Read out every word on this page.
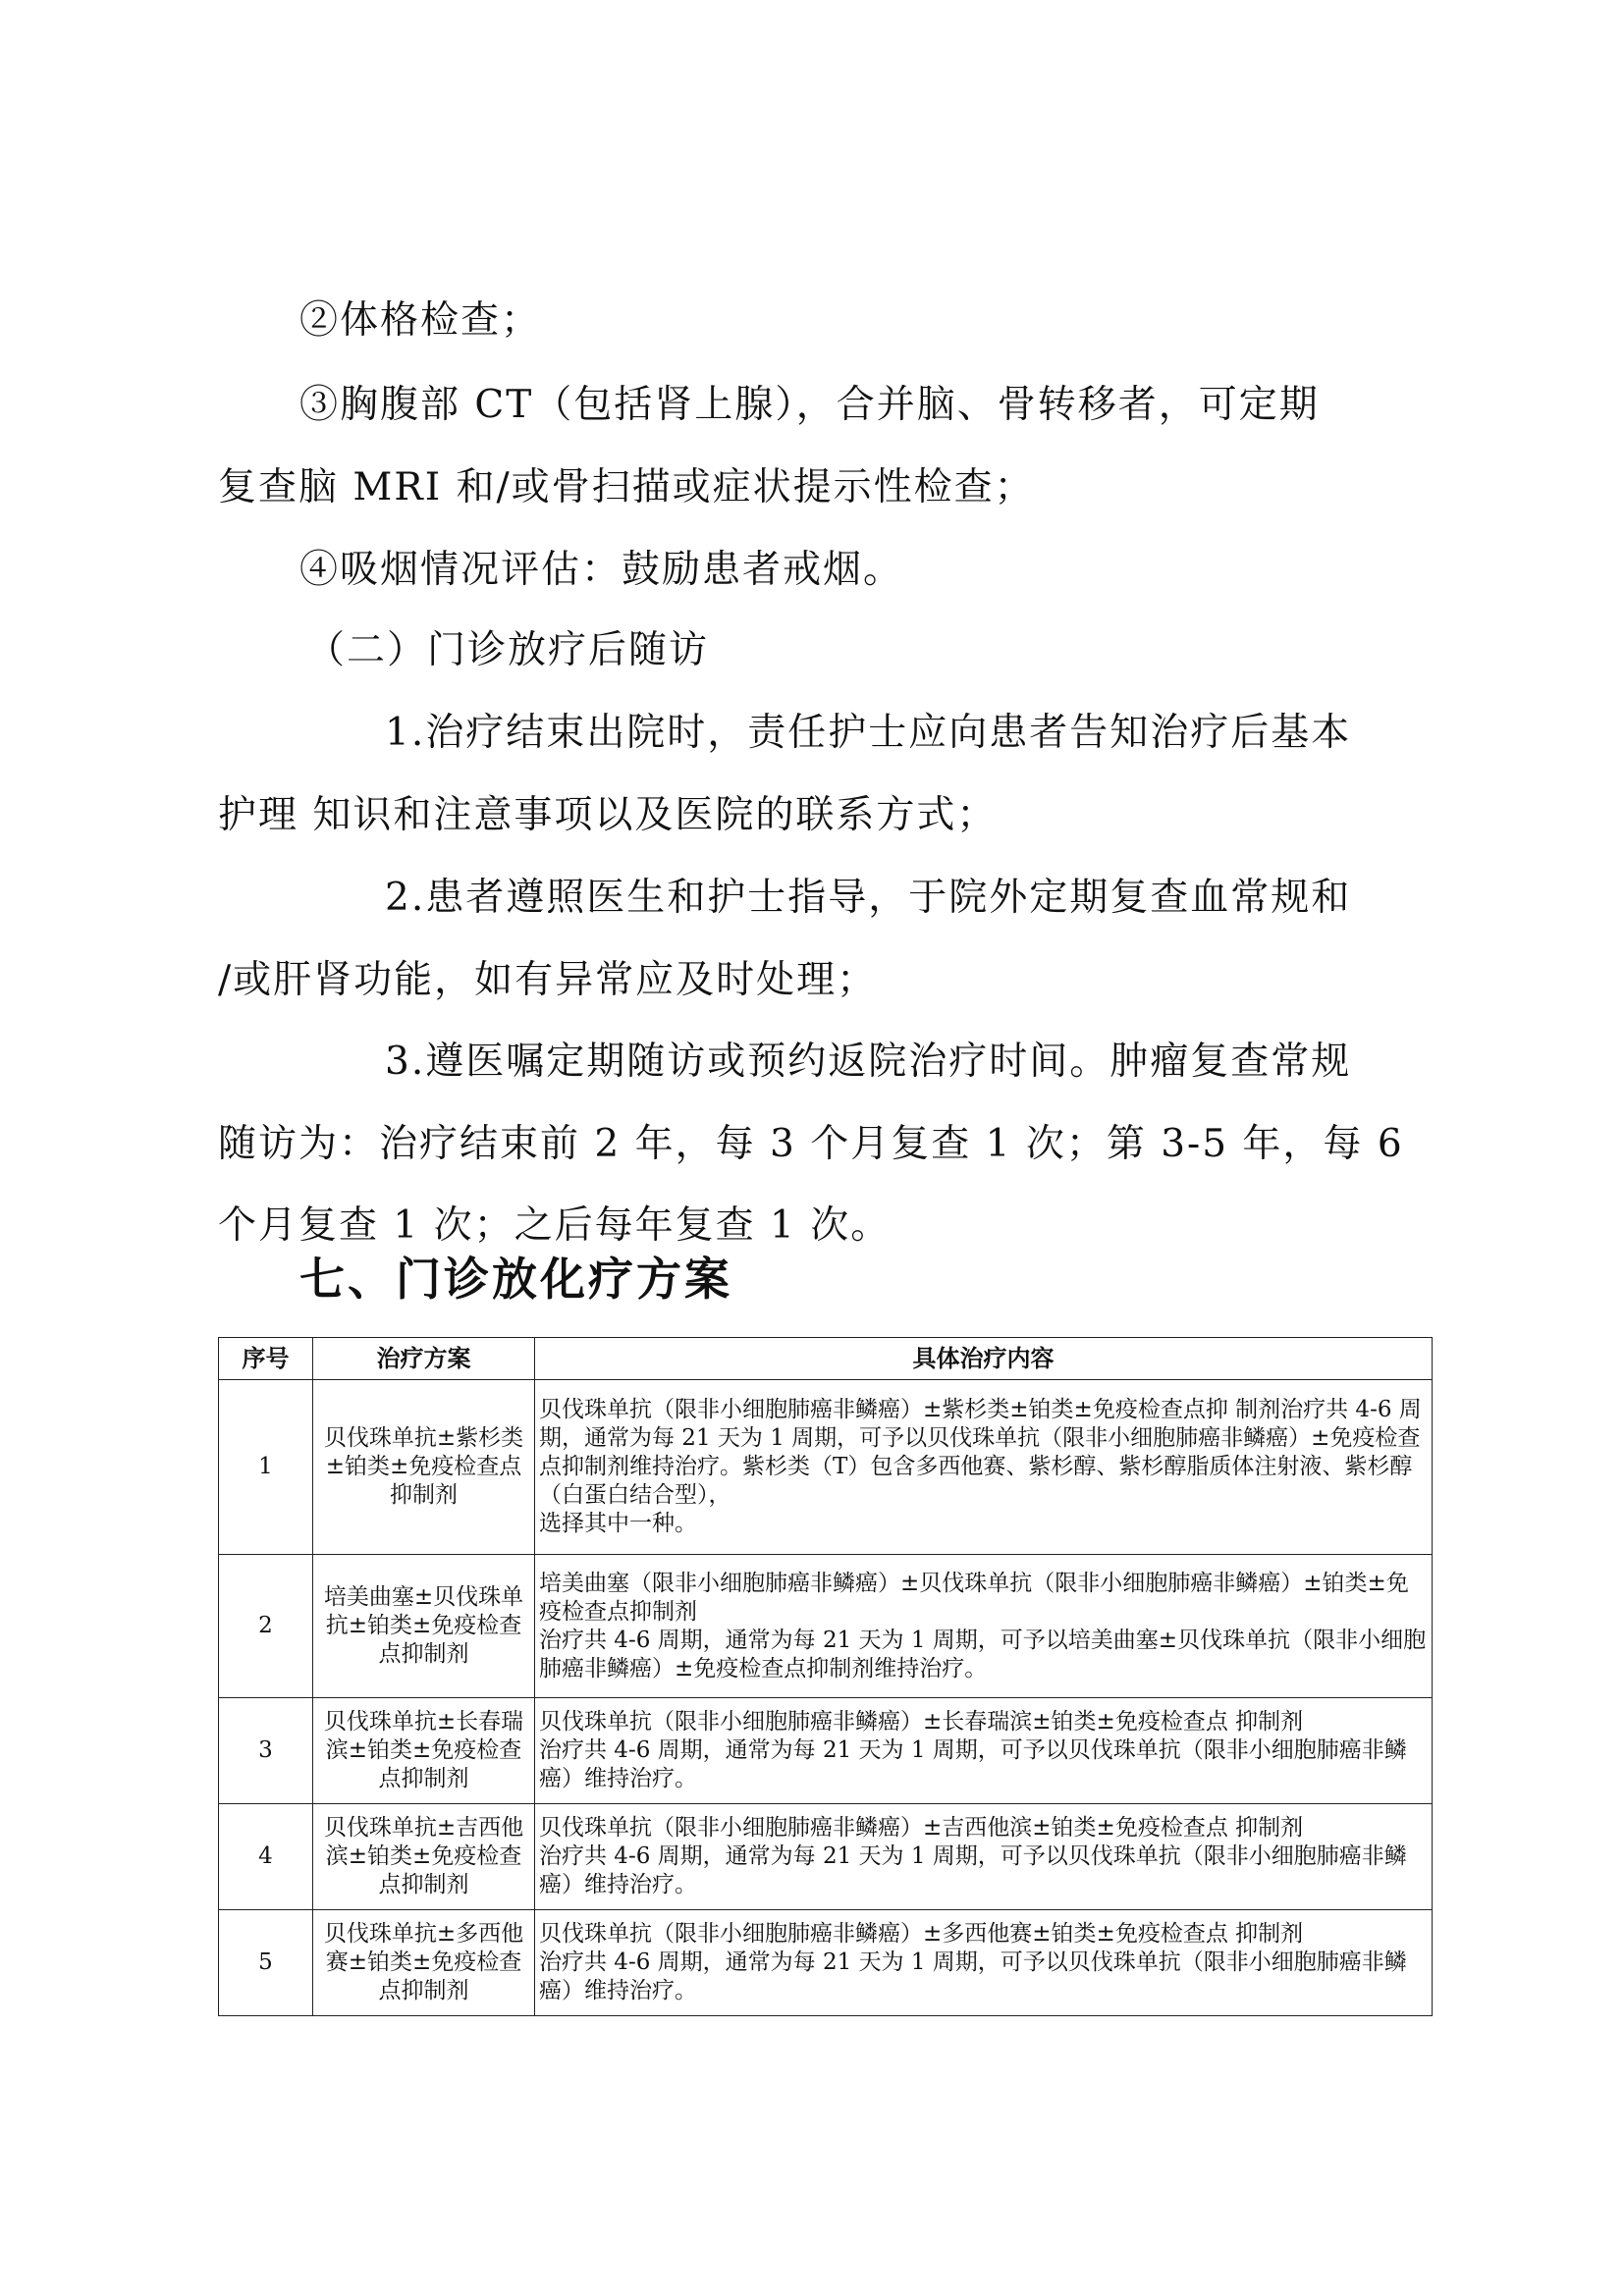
②体格检查；
③胸腹部 CT（包括肾上腺），合并脑、骨转移者，可定期
复查脑 MRI 和/或骨扫描或症状提示性检查；
④吸烟情况评估：鼓励患者戒烟。
（二）门诊放疗后随访
1.治疗结束出院时，责任护士应向患者告知治疗后基本
护理 知识和注意事项以及医院的联系方式；
2.患者遵照医生和护士指导，于院外定期复查血常规和
/或肝肾功能，如有异常应及时处理；
3.遵医嘱定期随访或预约返院治疗时间。肿瘤复查常规
随访为：治疗结束前 2 年，每 3 个月复查 1 次；第 3-5 年，每 6
个月复查 1 次；之后每年复查 1 次。
七、门诊放化疗方案
序号	治疗方案	具体治疗内容
1	贝伐珠单抗±紫杉类±铂类±免疫检查点抑制剂	贝伐珠单抗（限非小细胞肺癌非鳞癌）±紫杉类±铂类±免疫检查点抑 制剂治疗共 4-6 周期，通常为每 21 天为 1 周期，可予以贝伐珠单抗（限非小细胞肺癌非鳞癌）±免疫检查点抑制剂维持治疗。紫杉类（T）包含多西他赛、紫杉醇、紫杉醇脂质体注射液、紫杉醇（白蛋白结合型），
选择其中一种。

2	培美曲塞±贝伐珠单抗±铂类±免疫检查点抑制剂	培美曲塞（限非小细胞肺癌非鳞癌）±贝伐珠单抗（限非小细胞肺癌非鳞癌）±铂类±免疫检查点抑制剂
治疗共 4-6 周期，通常为每 21 天为 1 周期，可予以培美曲塞±贝伐珠单抗（限非小细胞肺癌非鳞癌）±免疫检查点抑制剂维持治疗。

3	贝伐珠单抗±长春瑞滨±铂类±免疫检查点抑制剂	贝伐珠单抗（限非小细胞肺癌非鳞癌）±长春瑞滨±铂类±免疫检查点 抑制剂
治疗共 4-6 周期，通常为每 21 天为 1 周期，可予以贝伐珠单抗（限非小细胞肺癌非鳞癌）维持治疗。

4	贝伐珠单抗±吉西他滨±铂类±免疫检查点抑制剂	贝伐珠单抗（限非小细胞肺癌非鳞癌）±吉西他滨±铂类±免疫检查点 抑制剂
治疗共 4-6 周期，通常为每 21 天为 1 周期，可予以贝伐珠单抗（限非小细胞肺癌非鳞癌）维持治疗。

5	贝伐珠单抗±多西他赛±铂类±免疫检查点抑制剂	贝伐珠单抗（限非小细胞肺癌非鳞癌）±多西他赛±铂类±免疫检查点 抑制剂
治疗共 4-6 周期，通常为每 21 天为 1 周期，可予以贝伐珠单抗（限非小细胞肺癌非鳞癌）维持治疗。
